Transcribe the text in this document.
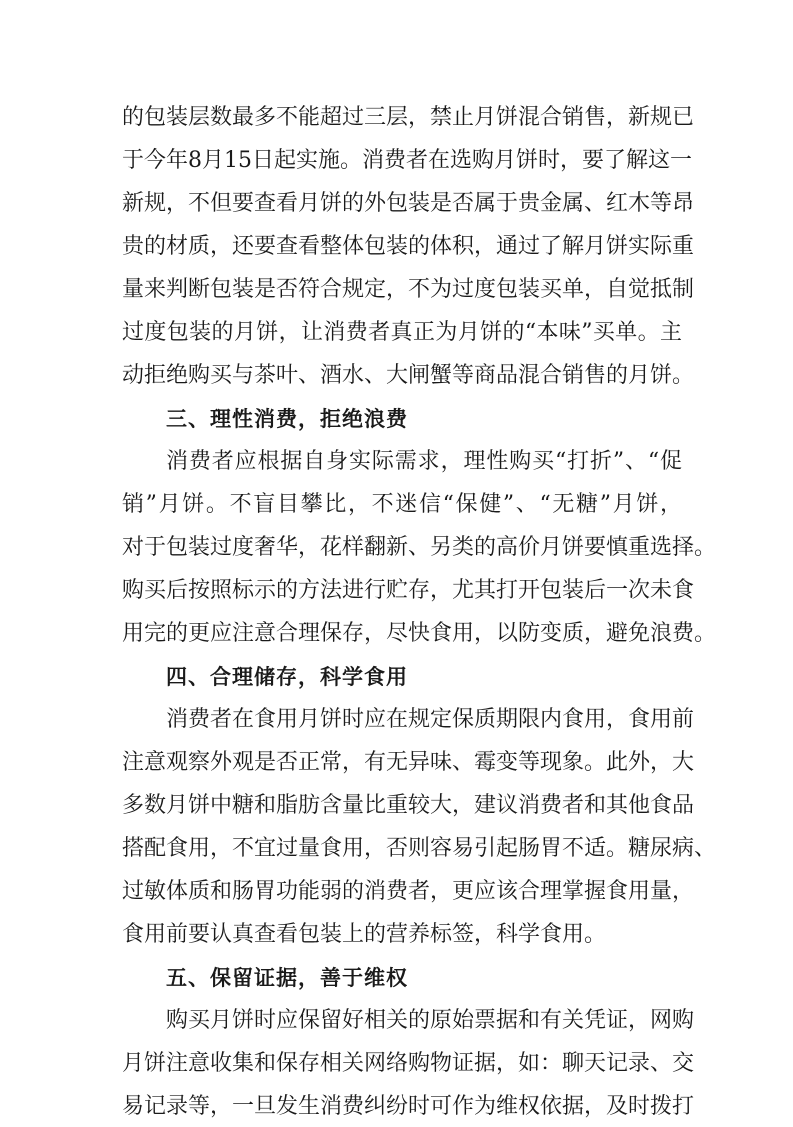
的包装层数最多不能超过三层，禁止月饼混合销售，新规已
于今年8月15日起实施。消费者在选购月饼时，要了解这一
新规，不但要查看月饼的外包装是否属于贵金属、红木等昂
贵的材质，还要查看整体包装的体积，通过了解月饼实际重
量来判断包装是否符合规定，不为过度包装买单，自觉抵制
过度包装的月饼，让消费者真正为月饼的“本味”买单。主
动拒绝购买与茶叶、酒水、大闸蟹等商品混合销售的月饼。
三、理性消费，拒绝浪费
消费者应根据自身实际需求，理性购买“打折”、“促
销”月饼。不盲目攀比，不迷信“保健”、“无糖”月饼，
对于包装过度奢华，花样翻新、另类的高价月饼要慎重选择。
购买后按照标示的方法进行贮存，尤其打开包装后一次未食
用完的更应注意合理保存，尽快食用，以防变质，避免浪费。
四、合理储存，科学食用
消费者在食用月饼时应在规定保质期限内食用，食用前
注意观察外观是否正常，有无异味、霉变等现象。此外，大
多数月饼中糖和脂肪含量比重较大，建议消费者和其他食品
搭配食用，不宜过量食用，否则容易引起肠胃不适。糖尿病、
过敏体质和肠胃功能弱的消费者，更应该合理掌握食用量，
食用前要认真查看包装上的营养标签，科学食用。
五、保留证据，善于维权
购买月饼时应保留好相关的原始票据和有关凭证，网购
月饼注意收集和保存相关网络购物证据，如：聊天记录、交
易记录等，一旦发生消费纠纷时可作为维权依据，及时拨打
